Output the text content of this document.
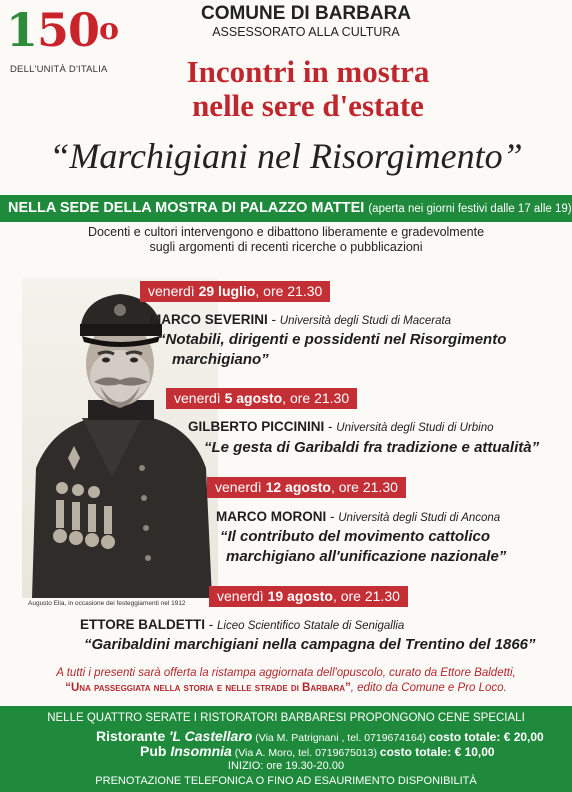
150$^o$
DELL'UNITÀ D'ITALIA
COMUNE DI BARBARA
ASSESSORATO ALLA CULTURA
Incontri in mostra
nelle sere d'estate
“Marchigiani nel Risorgimento”
NELLA SEDE DELLA MOSTRA DI PALAZZO MATTEI (aperta nei giorni festivi dalle 17 alle 19)
Docenti e cultori intervengono e dibattono liberamente e gradevolmente
sugli argomenti di recenti ricerche o pubblicazioni
Augusto Elia, in occasione dei festeggiamenti nel 1912
venerdì 29 luglio, ore 21.30
MARCO SEVERINI - Università degli Studi di Macerata
“Notabili, dirigenti e possidenti nel Risorgimento
marchigiano”
venerdì 5 agosto, ore 21.30
GILBERTO PICCININI - Università degli Studi di Urbino
“Le gesta di Garibaldi fra tradizione e attualità”
venerdì 12 agosto, ore 21.30
MARCO MORONI - Università degli Studi di Ancona
“Il contributo del movimento cattolico
marchigiano all'unificazione nazionale”
venerdì 19 agosto, ore 21.30
ETTORE BALDETTI - Liceo Scientifico Statale di Senigallia
“Garibaldini marchigiani nella campagna del Trentino del 1866”
A tutti i presenti sarà offerta la ristampa aggiornata dell'opuscolo, curato da Ettore Baldetti,
“Una passeggiata nella storia e nelle strade di Barbara”, edito da Comune e Pro Loco.
NELLE QUATTRO SERATE I RISTORATORI BARBARESI PROPONGONO CENE SPECIALI
Ristorante 'L Castellaro (Via M. Patrignani , tel. 0719674164) costo totale: € 20,00
Pub Insomnia (Via A. Moro, tel. 0719675013) costo totale: € 10,00
INIZIO: ore 19.30-20.00
PRENOTAZIONE TELEFONICA O FINO AD ESAURIMENTO DISPONIBILITÀ
